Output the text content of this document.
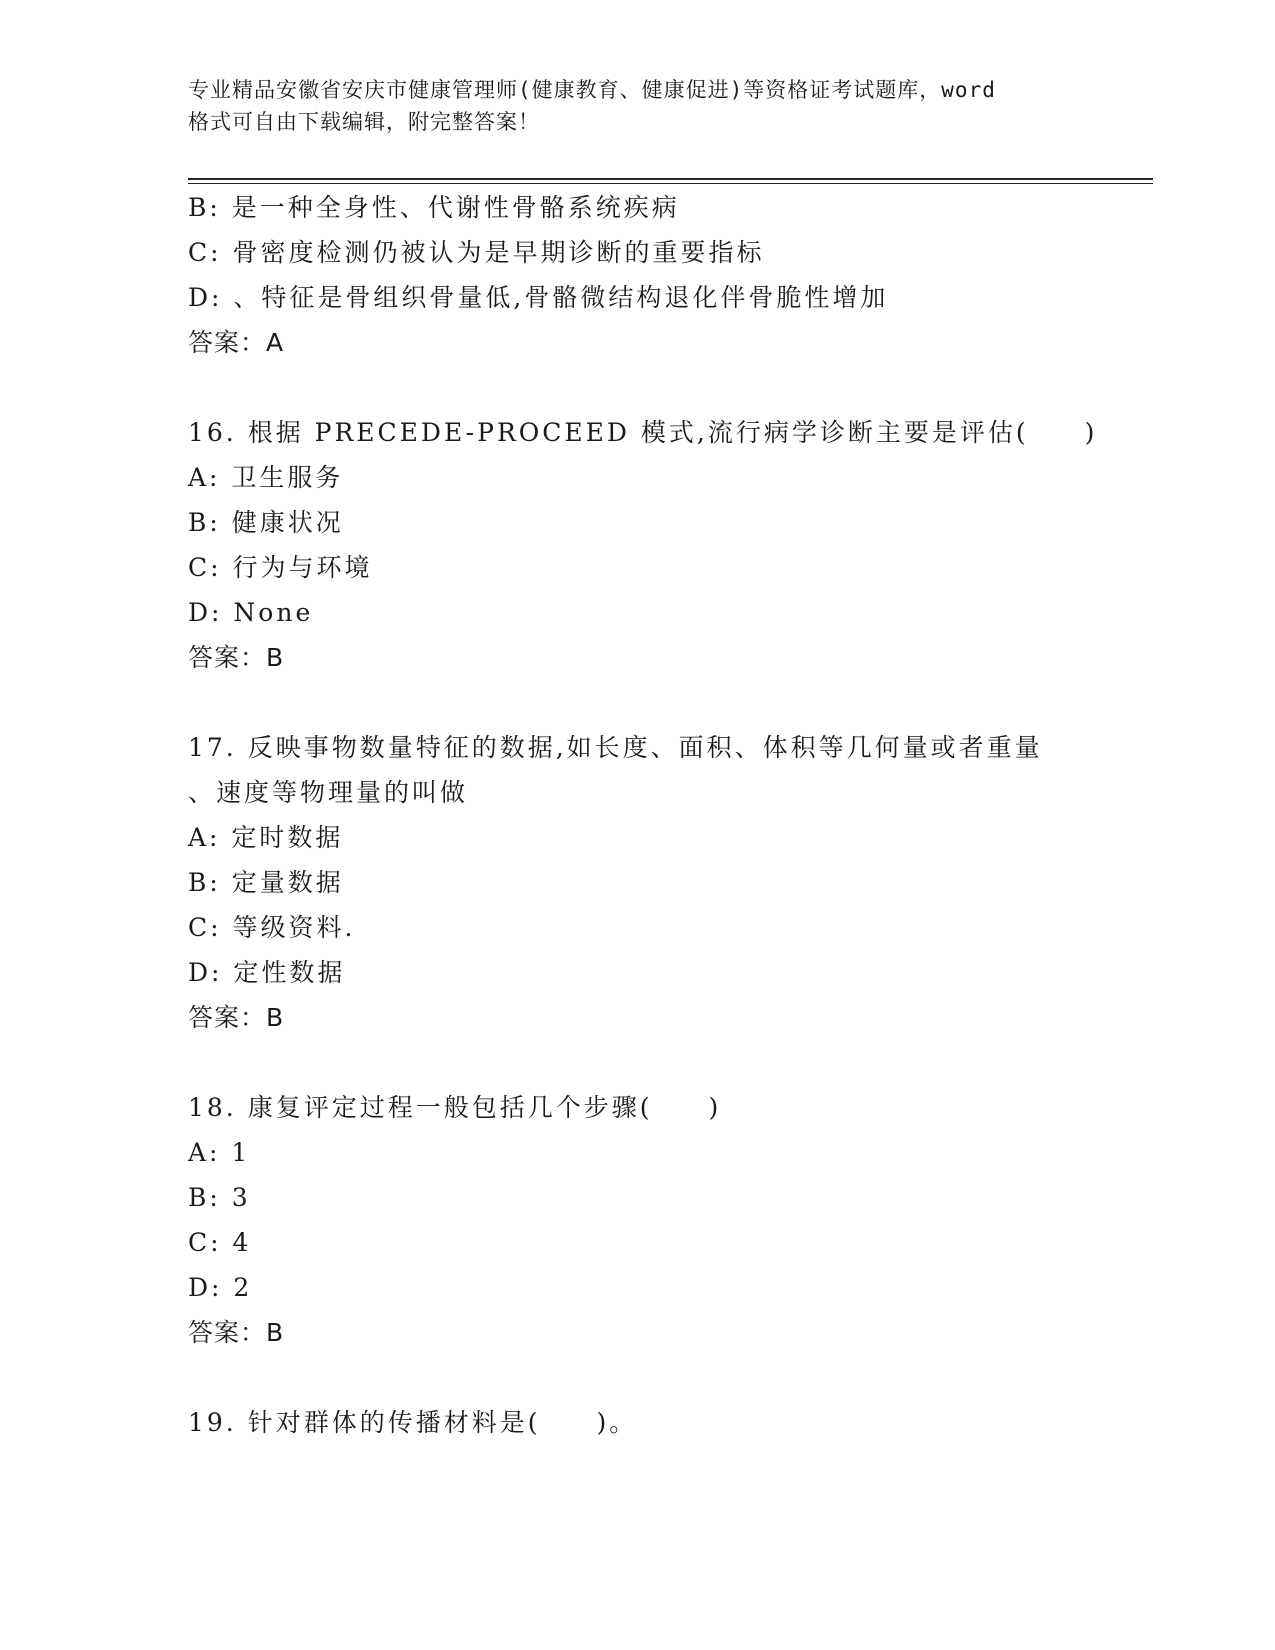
专业精品安徽省安庆市健康管理师(健康教育、健康促进)等资格证考试题库，word
格式可自由下载编辑，附完整答案！
B: 是一种全身性、代谢性骨骼系统疾病
C: 骨密度检测仍被认为是早期诊断的重要指标
D: 、特征是骨组织骨量低,骨骼微结构退化伴骨脆性增加
答案：A
16. 根据 PRECEDE-PROCEED 模式,流行病学诊断主要是评估(　　)
A: 卫生服务
B: 健康状况
C: 行为与环境
D: None
答案：B
17. 反映事物数量特征的数据,如长度、面积、体积等几何量或者重量
、速度等物理量的叫做
A: 定时数据
B: 定量数据
C: 等级资料.
D: 定性数据
答案：B
18. 康复评定过程一般包括几个步骤(　　)
A: 1
B: 3
C: 4
D: 2
答案：B
19. 针对群体的传播材料是(　　)。
